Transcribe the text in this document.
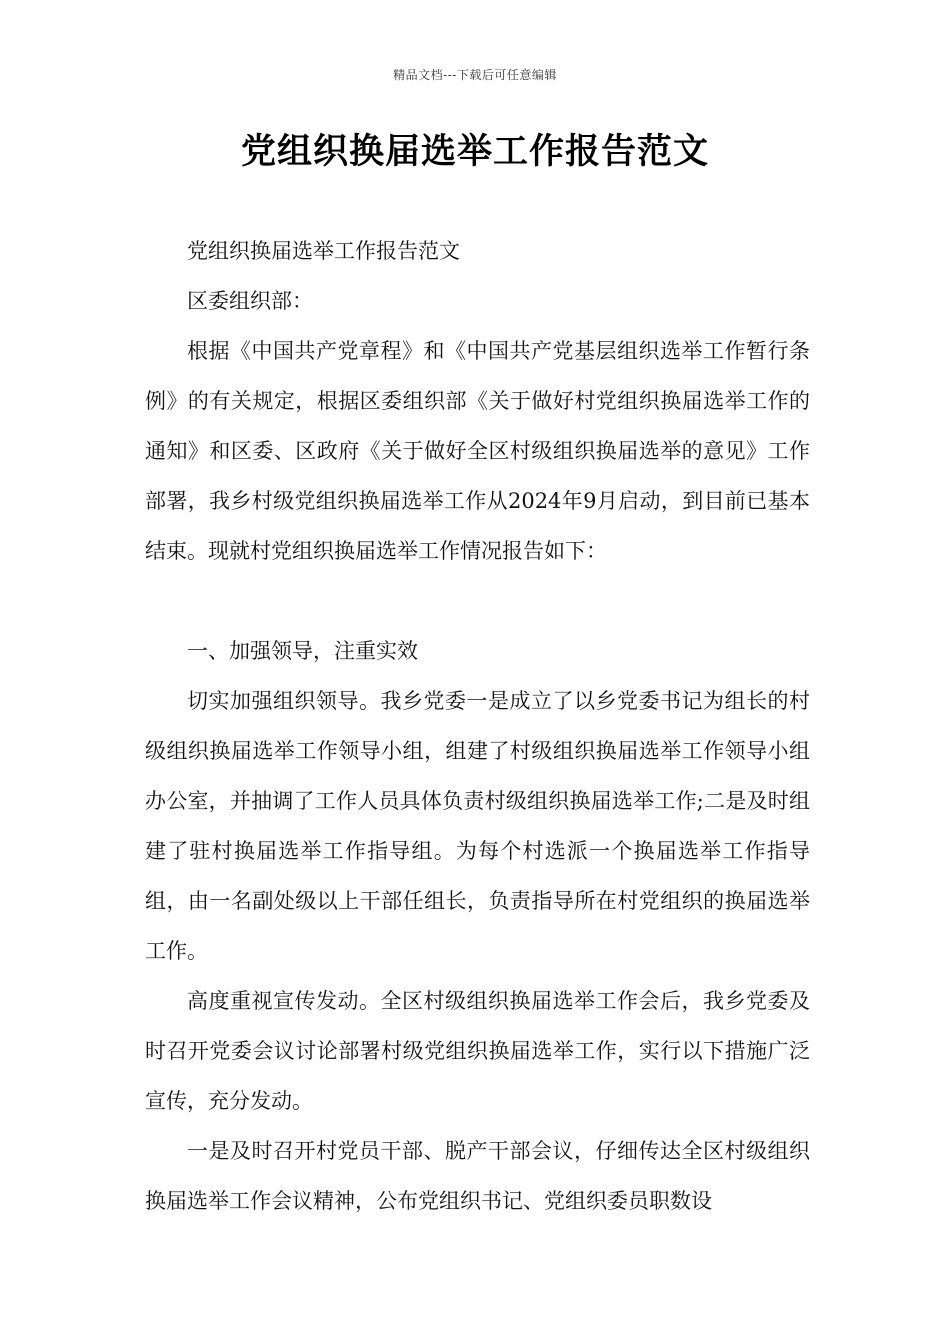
精品文档---下载后可任意编辑
党组织换届选举工作报告范文

党组织换届选举工作报告范文

区委组织部：

根据《中国共产党章程》和《中国共产党基层组织选举工作暂行条例》的有关规定，根据区委组织部《关于做好村党组织换届选举工作的通知》和区委、区政府《关于做好全区村级组织换届选举的意见》工作部署，我乡村级党组织换届选举工作从2024年9月启动，到目前已基本结束。现就村党组织换届选举工作情况报告如下：

一、加强领导，注重实效

切实加强组织领导。我乡党委一是成立了以乡党委书记为组长的村级组织换届选举工作领导小组，组建了村级组织换届选举工作领导小组办公室，并抽调了工作人员具体负责村级组织换届选举工作;二是及时组建了驻村换届选举工作指导组。为每个村选派一个换届选举工作指导组，由一名副处级以上干部任组长，负责指导所在村党组织的换届选举工作。

高度重视宣传发动。全区村级组织换届选举工作会后，我乡党委及时召开党委会议讨论部署村级党组织换届选举工作，实行以下措施广泛宣传，充分发动。

一是及时召开村党员干部、脱产干部会议，仔细传达全区村级组织换届选举工作会议精神，公布党组织书记、党组织委员职数设
